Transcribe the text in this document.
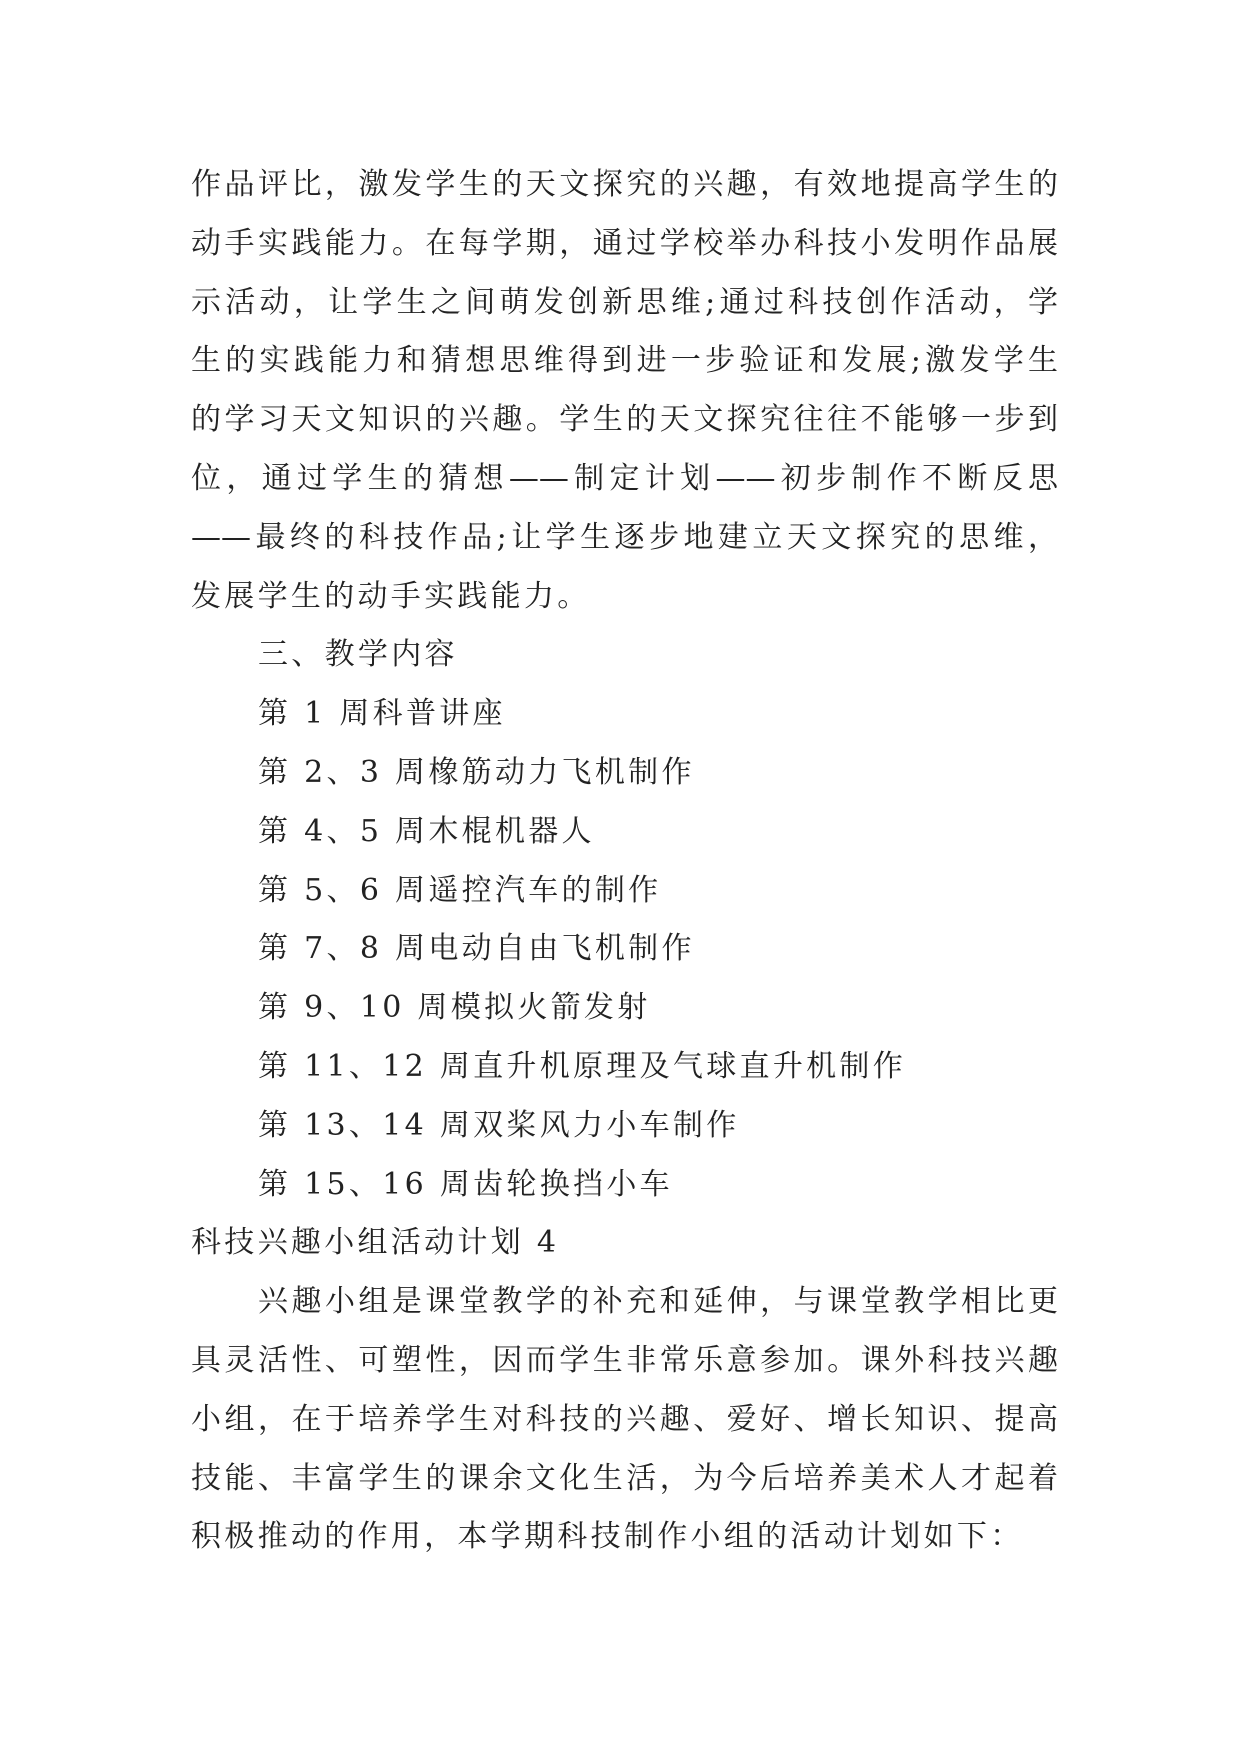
作品评比，激发学生的天文探究的兴趣，有效地提高学生的
动手实践能力。在每学期，通过学校举办科技小发明作品展
示活动，让学生之间萌发创新思维;通过科技创作活动，学
生的实践能力和猜想思维得到进一步验证和发展;激发学生
的学习天文知识的兴趣。学生的天文探究往往不能够一步到
位，通过学生的猜想——制定计划——初步制作不断反思
——最终的科技作品;让学生逐步地建立天文探究的思维，
发展学生的动手实践能力。
三、教学内容
第 1 周科普讲座
第 2、3 周橡筋动力飞机制作
第 4、5 周木棍机器人
第 5、6 周遥控汽车的制作
第 7、8 周电动自由飞机制作
第 9、10 周模拟火箭发射
第 11、12 周直升机原理及气球直升机制作
第 13、14 周双桨风力小车制作
第 15、16 周齿轮换挡小车
科技兴趣小组活动计划 4
兴趣小组是课堂教学的补充和延伸，与课堂教学相比更
具灵活性、可塑性，因而学生非常乐意参加。课外科技兴趣
小组，在于培养学生对科技的兴趣、爱好、增长知识、提高
技能、丰富学生的课余文化生活，为今后培养美术人才起着
积极推动的作用，本学期科技制作小组的活动计划如下：
